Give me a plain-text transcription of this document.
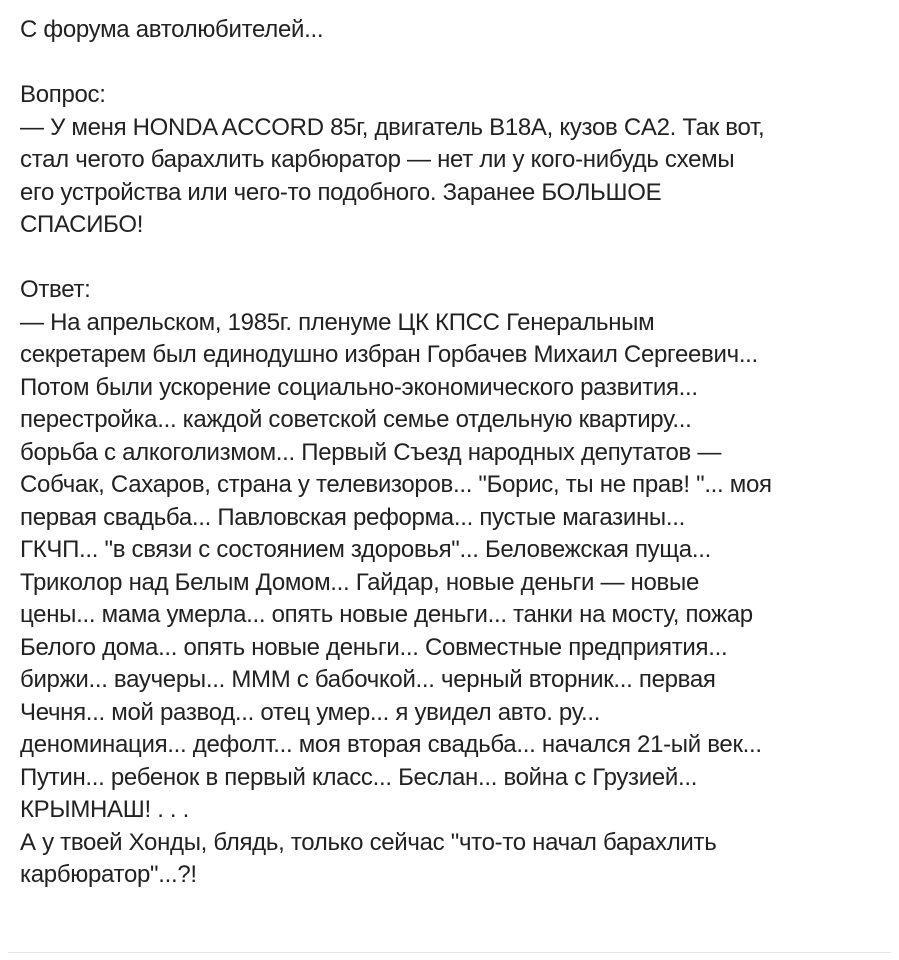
С форума автолюбителей...
Вопрос:
— У меня HONDA ACCORD 85г, двигатель B18A, кузов CA2. Так вот,
стал чегото барахлить карбюратор — нет ли у кого-нибудь схемы
его устройства или чего-то подобного. Заранее БОЛЬШОЕ
СПАСИБО!
Ответ:
— На апрельском, 1985г. пленуме ЦК КПСС Генеральным
секретарем был единодушно избран Горбачев Михаил Сергеевич...
Потом были ускорение социально-экономического развития...
перестройка... каждой советской семье отдельную квартиру...
борьба с алкоголизмом... Первый Съезд народных депутатов —
Собчак, Сахаров, страна у телевизоров... "Борис, ты не прав! "... моя
первая свадьба... Павловская реформа... пустые магазины...
ГКЧП... "в связи с состоянием здоровья"... Беловежская пуща...
Триколор над Белым Домом... Гайдар, новые деньги — новые
цены... мама умерла... опять новые деньги... танки на мосту, пожар
Белого дома... опять новые деньги... Совместные предприятия...
биржи... ваучеры... МММ с бабочкой... черный вторник... первая
Чечня... мой развод... отец умер... я увидел авто. ру...
деноминация... дефолт... моя вторая свадьба... начался 21-ый век...
Путин... ребенок в первый класс... Беслан... война с Грузией...
КРЫМНАШ! . . .
А у твоей Хонды, блядь, только сейчас "что-то начал барахлить
карбюратор"...?!
